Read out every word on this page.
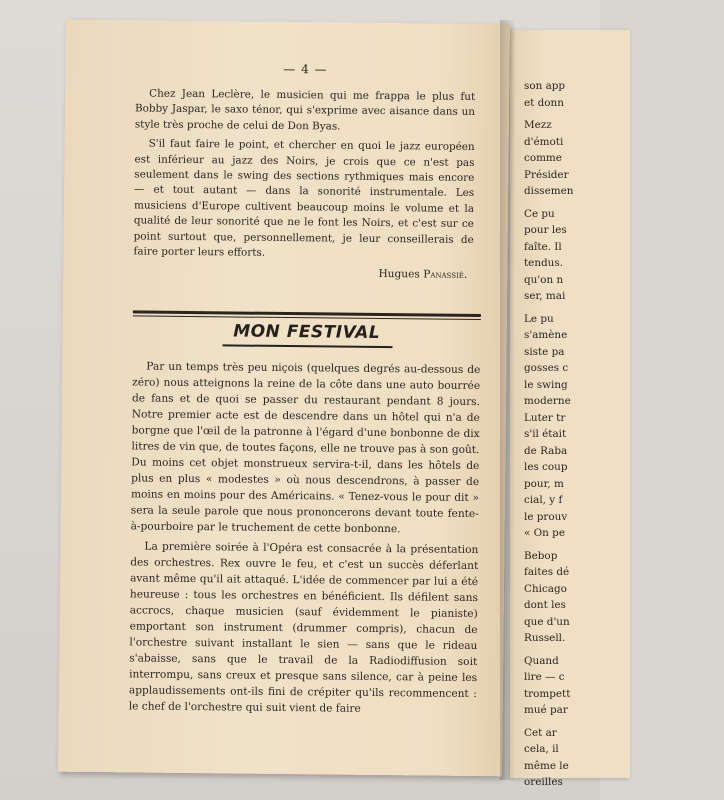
son app
et donn
Mezz
d'émoti
comme
Présider
dissemen
Ce pu
pour les
faîte. Il
tendus.
qu'on n
ser, mai
Le pu
s'amène
siste pa
gosses c
le swing
moderne
Luter tr
s'il était
de Raba
les coup
pour, m
cial, y f
le prouv
« On pe
Bebop
faites dé
Chicago
dont les
que d'un
Russell.
Quand
lire — c
trompett
mué par
Cet ar
cela, il
même le
oreilles
— 4 —

Chez Jean Leclère, le musicien qui me frappa le plus fut Bobby Jaspar, le saxo ténor, qui s'exprime avec aisance dans un style très proche de celui de Don Byas.

S'il faut faire le point, et chercher en quoi le jazz européen est inférieur au jazz des Noirs, je crois que ce n'est pas seulement dans le swing des sections rythmiques mais encore — et tout autant — dans la sonorité instrumentale. Les musiciens d'Europe cultivent beaucoup moins le volume et la qualité de leur sonorité que ne le font les Noirs, et c'est sur ce point surtout que, personnellement, je leur conseillerais de faire porter leurs efforts.

Hugues Panassié.
MON FESTIVAL

Par un temps très peu niçois (quelques degrés au-dessous de zéro) nous atteignons la reine de la côte dans une auto bourrée de fans et de quoi se passer du restaurant pendant 8 jours. Notre premier acte est de descendre dans un hôtel qui n'a de borgne que l'œil de la patronne à l'égard d'une bonbonne de dix litres de vin que, de toutes façons, elle ne trouve pas à son goût. Du moins cet objet monstrueux servira-t-il, dans les hôtels de plus en plus « modestes » où nous descendrons, à passer de moins en moins pour des Américains. « Tenez-vous le pour dit » sera la seule parole que nous prononcerons devant toute fente-à-pourboire par le truchement de cette bonbonne.

La première soirée à l'Opéra est consacrée à la présentation des orchestres. Rex ouvre le feu, et c'est un succès déferlant avant même qu'il ait attaqué. L'idée de commencer par lui a été heureuse : tous les orchestres en bénéficient. Ils défilent sans accrocs, chaque musicien (sauf évidemment le pianiste) emportant son instrument (drummer compris), chacun de l'orchestre suivant installant le sien — sans que le rideau s'abaisse, sans que le travail de la Radiodiffusion soit interrompu, sans creux et presque sans silence, car à peine les applaudissements ont-ils fini de crépiter qu'ils recommencent : le chef de l'orchestre qui suit vient de faire
